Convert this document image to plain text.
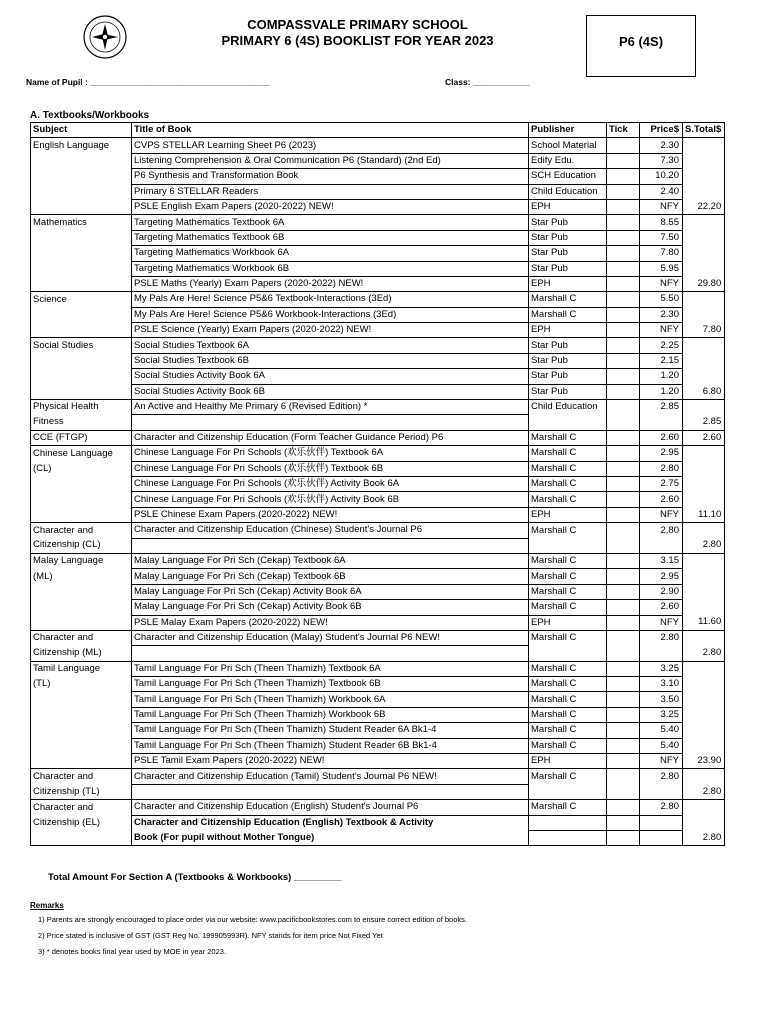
COMPASSVALE PRIMARY SCHOOL
PRIMARY 6 (4S) BOOKLIST FOR YEAR 2023	P6 (4S)
Name of Pupil : ______________________________________	Class: ____________
A. Textbooks/Workbooks
Subject	Title of Book	Publisher	Tick	Price$	S.Total$
English Language	CVPS STELLAR Learning Sheet P6 (2023)	School Material		2.30	
	Listening Comprehension & Oral Communication P6 (Standard) (2nd Ed)	Edify Edu.		7.30	
	P6 Synthesis and Transformation Book	SCH Education		10.20	
	Primary 6 STELLAR Readers	Child Education		2.40	
	PSLE English Exam Papers (2020-2022) NEW!	EPH		NFY	22.20
Mathematics	Targeting Mathematics Textbook 6A	Star Pub		8.55	
	Targeting Mathematics Textbook 6B	Star Pub		7.50	
	Targeting Mathematics Workbook 6A	Star Pub		7.80	
	Targeting Mathematics Workbook 6B	Star Pub		5.95	
	PSLE Maths (Yearly) Exam Papers (2020-2022) NEW!	EPH		NFY	29.80
Science	My Pals Are Here! Science P5&6 Textbook-Interactions (3Ed)	Marshall C		5.50	
	My Pals Are Here! Science P5&6 Workbook-Interactions (3Ed)	Marshall C		2.30	
	PSLE Science (Yearly) Exam Papers (2020-2022) NEW!	EPH		NFY	7.80
Social Studies	Social Studies Textbook 6A	Star Pub		2.25	
	Social Studies Textbook 6B	Star Pub		2.15	
	Social Studies Activity Book 6A	Star Pub		1.20	
	Social Studies Activity Book 6B	Star Pub		1.20	6.80
Physical Health	An Active and Healthy Me Primary 6 (Revised Edition) *	Child Education		2.85	
Fitness					2.85
CCE (FTGP)	Character and Citizenship Education (Form Teacher Guidance Period) P6	Marshall C		2.60	2.60
Chinese Language	Chinese Language For Pri Schools (欢乐伙伴) Textbook 6A	Marshall C		2.95	
(CL)	Chinese Language For Pri Schools (欢乐伙伴) Textbook 6B	Marshall C		2.80	
	Chinese Language For Pri Schools (欢乐伙伴) Activity Book 6A	Marshall C		2.75	
	Chinese Language For Pri Schools (欢乐伙伴) Activity Book 6B	Marshall C		2.60	
	PSLE Chinese Exam Papers (2020-2022) NEW!	EPH		NFY	11.10
Character and	Character and Citizenship Education (Chinese) Student's Journal P6	Marshall C		2.80	
Citizenship (CL)					2.80
Malay Language	Malay Language For Pri Sch (Cekap) Textbook 6A	Marshall C		3.15	
(ML)	Malay Language For Pri Sch (Cekap) Textbook 6B	Marshall C		2.95	
	Malay Language For Pri Sch (Cekap) Activity Book 6A	Marshall C		2.90	
	Malay Language For Pri Sch (Cekap) Activity Book 6B	Marshall C		2.60	
	PSLE Malay Exam Papers (2020-2022) NEW!	EPH		NFY	11.60
Character and	Character and Citizenship Education (Malay) Student's Journal P6 NEW!	Marshall C		2.80	
Citizenship (ML)					2.80
Tamil Language	Tamil Language For Pri Sch (Theen Thamizh) Textbook 6A	Marshall C		3.25	
(TL)	Tamil Language For Pri Sch (Theen Thamizh) Textbook 6B	Marshall C		3.10	
	Tamil Language For Pri Sch (Theen Thamizh) Workbook 6A	Marshall C		3.50	
	Tamil Language For Pri Sch (Theen Thamizh) Workbook 6B	Marshall C		3.25	
	Tamil Language For Pri Sch (Theen Thamizh) Student Reader 6A Bk1-4	Marshall C		5.40	
	Tamil Language For Pri Sch (Theen Thamizh) Student Reader 6B Bk1-4	Marshall C		5.40	
	PSLE Tamil Exam Papers (2020-2022) NEW!	EPH		NFY	23.90
Character and	Character and Citizenship Education (Tamil) Student's Journal P6 NEW!	Marshall C		2.80	
Citizenship (TL)					2.80
Character and	Character and Citizenship Education (English) Student's Journal P6	Marshall C		2.80	
Citizenship (EL)	Character and Citizenship Education (English) Textbook & Activity				
	Book (For pupil without Mother Tongue)				2.80
Total Amount For Section A (Textbooks & Workbooks) _________
Remarks
1) Parents are strongly encouraged to place order via our website: www.pacificbookstores.com to ensure correct edition of books.
2) Price stated is inclusive of GST (GST Reg No. 199905993R). NFY stands for item price Not Fixed Yet
3) * denotes books final year used by MOE in year 2023.
